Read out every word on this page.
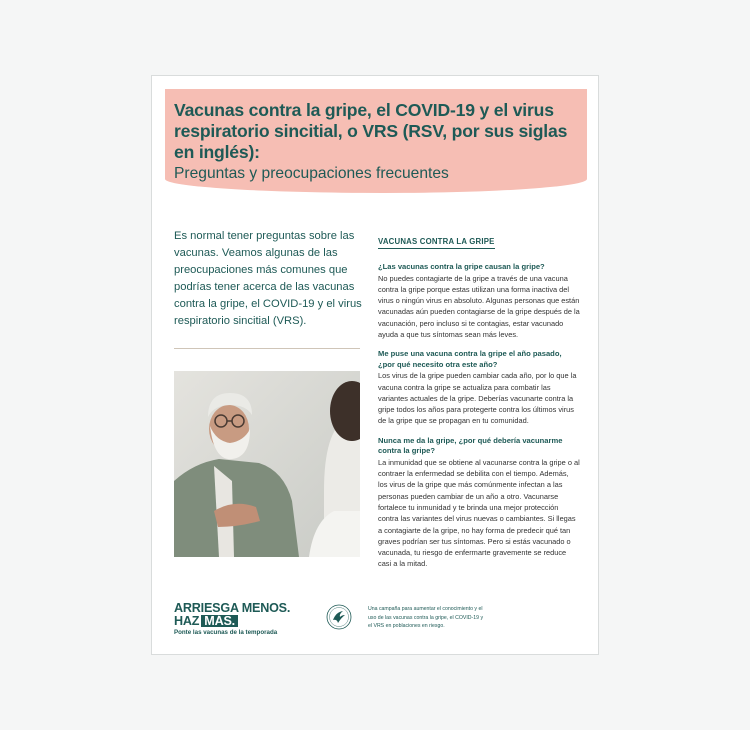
Vacunas contra la gripe, el COVID-19 y el virus respiratorio sincitial, o VRS (RSV, por sus siglas en inglés):
Preguntas y preocupaciones frecuentes

Es normal tener preguntas sobre las vacunas. Veamos algunas de las preocupaciones más comunes que podrías tener acerca de las vacunas contra la gripe, el COVID-19 y el virus respiratorio sincitial (VRS).

VACUNAS CONTRA LA GRIPE

¿Las vacunas contra la gripe causan la gripe?

No puedes contagiarte de la gripe a través de una vacuna contra la gripe porque estas utilizan una forma inactiva del virus o ningún virus en absoluto. Algunas personas que están vacunadas aún pueden contagiarse de la gripe después de la vacunación, pero incluso si te contagias, estar vacunado ayuda a que tus síntomas sean más leves.

Me puse una vacuna contra la gripe el año pasado, ¿por qué necesito otra este año?

Los virus de la gripe pueden cambiar cada año, por lo que la vacuna contra la gripe se actualiza para combatir las variantes actuales de la gripe. Deberías vacunarte contra la gripe todos los años para protegerte contra los últimos virus de la gripe que se propagan en tu comunidad.

Nunca me da la gripe, ¿por qué debería vacunarme contra la gripe?

La inmunidad que se obtiene al vacunarse contra la gripe o al contraer la enfermedad se debilita con el tiempo. Además, los virus de la gripe que más comúnmente infectan a las personas pueden cambiar de un año a otro. Vacunarse fortalece tu inmunidad y te brinda una mejor protección contra las variantes del virus nuevas o cambiantes. Si llegas a contagiarte de la gripe, no hay forma de predecir qué tan graves podrían ser tus síntomas. Pero si estás vacunado o vacunada, tu riesgo de enfermarte gravemente se reduce casi a la mitad.

ARRIESGA MENOS.
HAZ MÁS.
Ponte las vacunas de la temporada

Una campaña para aumentar el conocimiento y el uso de las vacunas contra la gripe, el COVID-19 y el VRS en poblaciones en riesgo.
